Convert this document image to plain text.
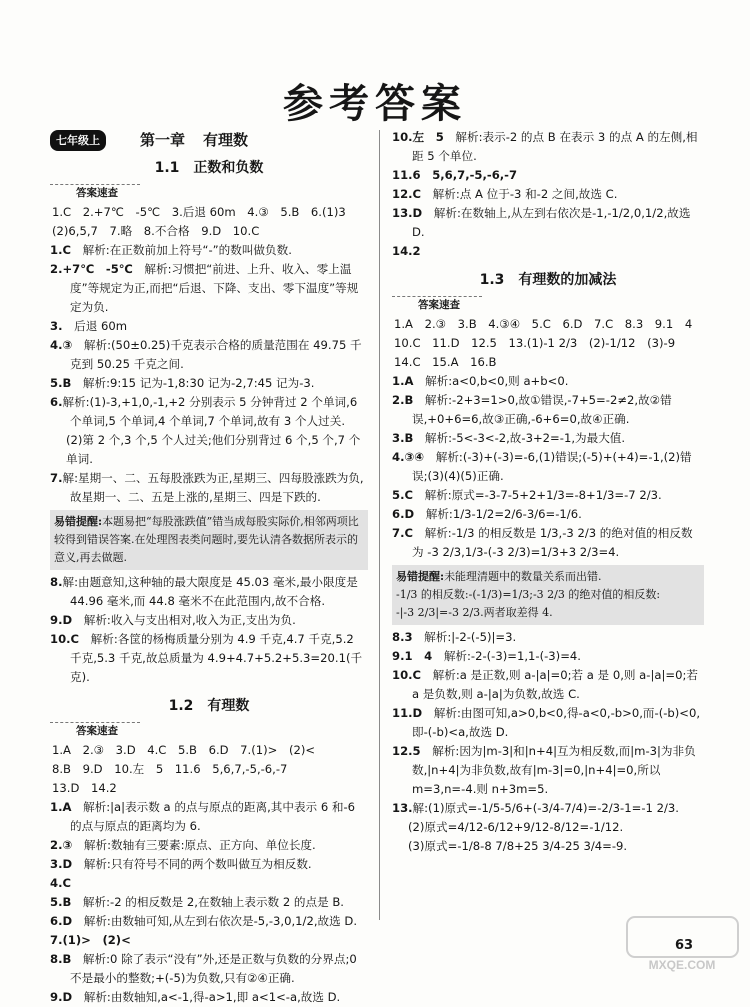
参考答案
七年级上	第一章 有理数
1.1　正数和负数
答案速查
1.C　2.+7℃　-5℃　3.后退 60m　4.③　5.B　6.(1)3
(2)6,5,7　7.略　8.不合格　9.D　10.C
1.C　 解析:在正数前加上符号“-”的数叫做负数.
2.+7℃　-5℃　 解析:习惯把“前进、上升、收入、零上温度”等规定为正,而把“后退、下降、支出、零下温度”等规定为负.
3.　 后退 60m
4.③　 解析:(50±0.25)千克表示合格的质量范围在 49.75 千克到 50.25 千克之间.
5.B　 解析:9:15 记为-1,8:30 记为-2,7:45 记为-3.
6.解析:(1)-3,+1,0,-1,+2 分别表示 5 分钟背过 2 个单词,6 个单词,5 个单词,4 个单词,7 个单词,故有 3 个人过关.
(2)第 2 个,3 个,5 个人过关;他们分别背过 6 个,5 个,7 个单词.
7.解:星期一、二、五每股涨跌为正,星期三、四每股涨跌为负,故星期一、二、五是上涨的,星期三、四是下跌的.
易错提醒:本题易把“每股涨跌值”错当成每股实际价,相邻两项比较得到错误答案.在处理图表类问题时,要先认清各数据所表示的意义,再去做题.
8.解:由题意知,这种轴的最大限度是 45.03 毫米,最小限度是 44.96 毫米,而 44.8 毫米不在此范围内,故不合格.
9.D　 解析:收入与支出相对,收入为正,支出为负.
10.C　 解析:各筐的杨梅质量分别为 4.9 千克,4.7 千克,5.2 千克,5.3 千克,故总质量为 4.9+4.7+5.2+5.3=20.1(千克).
1.2　有理数
答案速查
1.A　2.③　3.D　4.C　5.B　6.D　7.(1)>　(2)<
8.B　9.D　10.左　5　11.6　5,6,7,-5,-6,-7
13.D　14.2
1.A　 解析:|a|表示数 a 的点与原点的距离,其中表示 6 和-6 的点与原点的距离均为 6.
2.③　 解析:数轴有三要素:原点、正方向、单位长度.
3.D　 解析:只有符号不同的两个数叫做互为相反数.
4.C
5.B　 解析:-2 的相反数是 2,在数轴上表示数 2 的点是 B.
6.D　 解析:由数轴可知,从左到右依次是-5,-3,0,1/2,故选 D.
7.(1)>　(2)<
8.B　 解析:0 除了表示“没有”外,还是正数与负数的分界点;0 不是最小的整数;+(-5)为负数,只有②④正确.
9.D　 解析:由数轴知,a<-1,得-a>1,即 a<1<-a,故选 D.
10.左　5　 解析:表示-2 的点 B 在表示 3 的点 A 的左侧,相距 5 个单位.
11.6　5,6,7,-5,-6,-7
12.C　 解析:点 A 位于-3 和-2 之间,故选 C.
13.D　 解析:在数轴上,从左到右依次是-1,-1/2,0,1/2,故选 D.
14.2
1.3　有理数的加减法
答案速查
1.A　2.③　3.B　4.③④　5.C　6.D　7.C　8.3　9.1　4
10.C　11.D　12.5　13.(1)-1 2/3　(2)-1/12　(3)-9
14.C　15.A　16.B
1.A　 解析:a<0,b<0,则 a+b<0.
2.B　 解析:-2+3=1>0,故①错误,-7+5=-2≠2,故②错误,+0+6=6,故③正确,-6+6=0,故④正确.
3.B　 解析:-5<-3<-2,故-3+2=-1,为最大值.
4.③④　 解析:(-3)+(-3)=-6,(1)错误;(-5)+(+4)=-1,(2)错误;(3)(4)(5)正确.
5.C　 解析:原式=-3-7-5+2+1/3=-8+1/3=-7 2/3.
6.D　 解析:1/3-1/2=2/6-3/6=-1/6.
7.C　 解析:-1/3 的相反数是 1/3,-3 2/3 的绝对值的相反数为 -3 2/3,1/3-(-3 2/3)=1/3+3 2/3=4.
易错提醒:未能理清题中的数量关系而出错.
-1/3 的相反数:-(-1/3)=1/3;-3 2/3 的绝对值的相反数:
-|-3 2/3|=-3 2/3.两者取差得 4.
8.3　 解析:|-2-(-5)|=3.
9.1　4　 解析:-2-(-3)=1,1-(-3)=4.
10.C　 解析:a 是正数,则 a-|a|=0;若 a 是 0,则 a-|a|=0;若 a 是负数,则 a-|a|为负数,故选 C.
11.D　 解析:由图可知,a>0,b<0,得-a<0,-b>0,而-(-b)<0,即-(-b)<a,故选 D.
12.5　 解析:因为|m-3|和|n+4|互为相反数,而|m-3|为非负数,|n+4|为非负数,故有|m-3|=0,|n+4|=0,所以 m=3,n=-4.则 n+3m=5.
13.解:(1)原式=-1/5-5/6+(-3/4-7/4)=-2/3-1=-1 2/3.
(2)原式=4/12-6/12+9/12-8/12=-1/12.
(3)原式=-1/8-8 7/8+25 3/4-25 3/4=-9.
MXQE.COM
63
